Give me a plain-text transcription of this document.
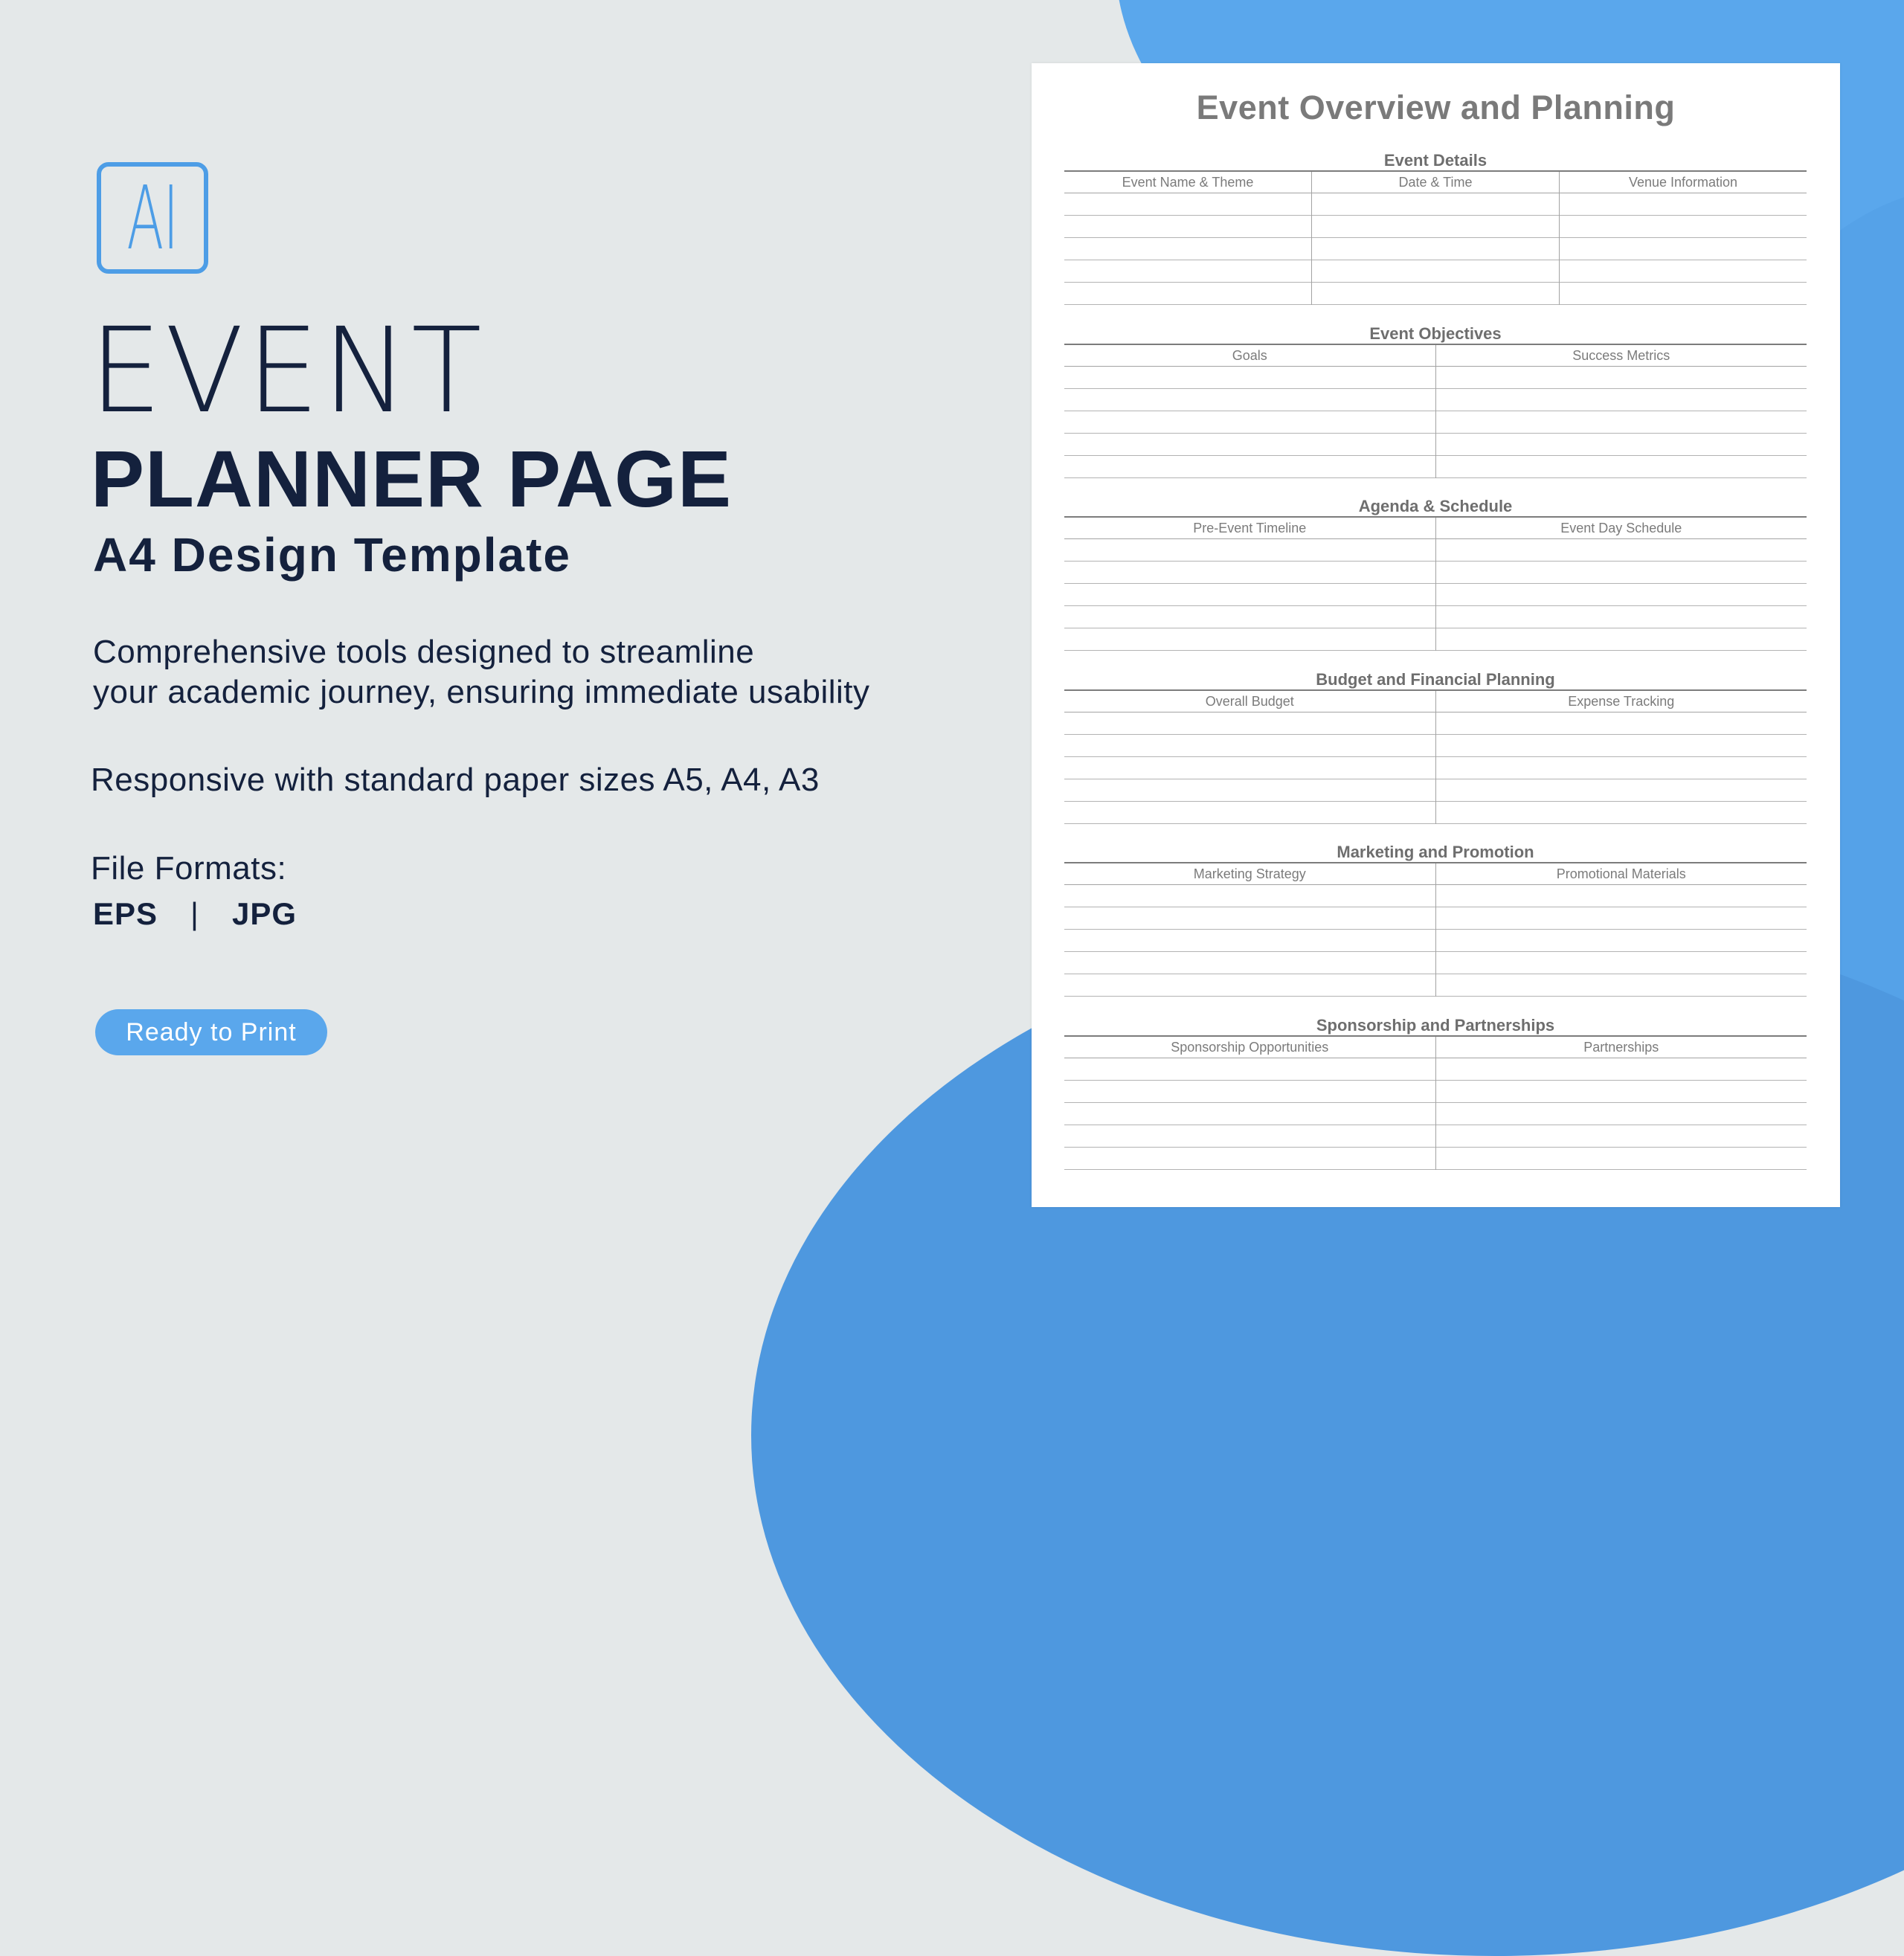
AI
EVENT
PLANNER PAGE
A4 Design Template
Comprehensive tools designed to streamline
your academic journey, ensuring immediate usability
Responsive with standard paper sizes A5, A4, A3
File Formats:
EPS | JPG
Ready to Print
Event Overview and Planning
Event Details
Event Name & Theme	Date & Time	Venue Information
Event Objectives
Goals	Success Metrics
Agenda & Schedule
Pre-Event Timeline	Event Day Schedule
Budget and Financial Planning
Overall Budget	Expense Tracking
Marketing and Promotion
Marketing Strategy	Promotional Materials
Sponsorship and Partnerships
Sponsorship Opportunities	Partnerships
